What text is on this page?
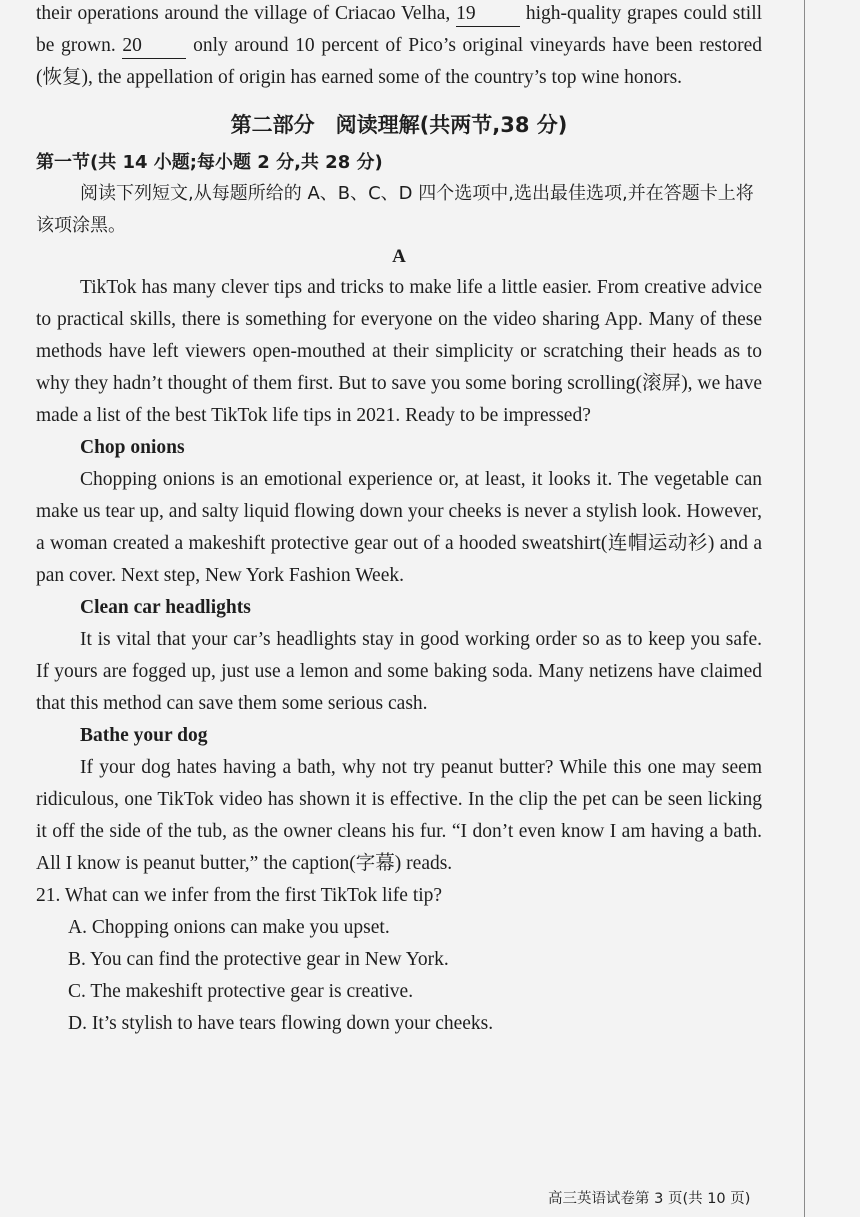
their operations around the village of Criacao Velha, 19	high-quality grapes could still be grown. 20	only around 10 percent of Pico’s original vineyards have been restored (恢复), the appellation of origin has earned some of the country’s top wine honors.

第二部分　阅读理解(共两节,38 分)

第一节(共 14 小题;每小题 2 分,共 28 分)

阅读下列短文,从每题所给的 A、B、C、D 四个选项中,选出最佳选项,并在答题卡上将该项涂黑。

A

TikTok has many clever tips and tricks to make life a little easier. From creative advice to practical skills, there is something for everyone on the video sharing App. Many of these methods have left viewers open-mouthed at their simplicity or scratching their heads as to why they hadn’t thought of them first. But to save you some boring scrolling(滚屏), we have made a list of the best TikTok life tips in 2021. Ready to be impressed?

Chop onions

Chopping onions is an emotional experience or, at least, it looks it. The vegetable can make us tear up, and salty liquid flowing down your cheeks is never a stylish look. However, a woman created a makeshift protective gear out of a hooded sweatshirt(连帽运动衫) and a pan cover. Next step, New York Fashion Week.

Clean car headlights

It is vital that your car’s headlights stay in good working order so as to keep you safe. If yours are fogged up, just use a lemon and some baking soda. Many netizens have claimed that this method can save them some serious cash.

Bathe your dog

If your dog hates having a bath, why not try peanut butter? While this one may seem ridiculous, one TikTok video has shown it is effective. In the clip the pet can be seen licking it off the side of the tub, as the owner cleans his fur. “I don’t even know I am having a bath. All I know is peanut butter,” the caption(字幕) reads.

21. What can we infer from the first TikTok life tip?

A. Chopping onions can make you upset.

B. You can find the protective gear in New York.

C. The makeshift protective gear is creative.

D. It’s stylish to have tears flowing down your cheeks.

高三英语试卷第 3 页(共 10 页)
